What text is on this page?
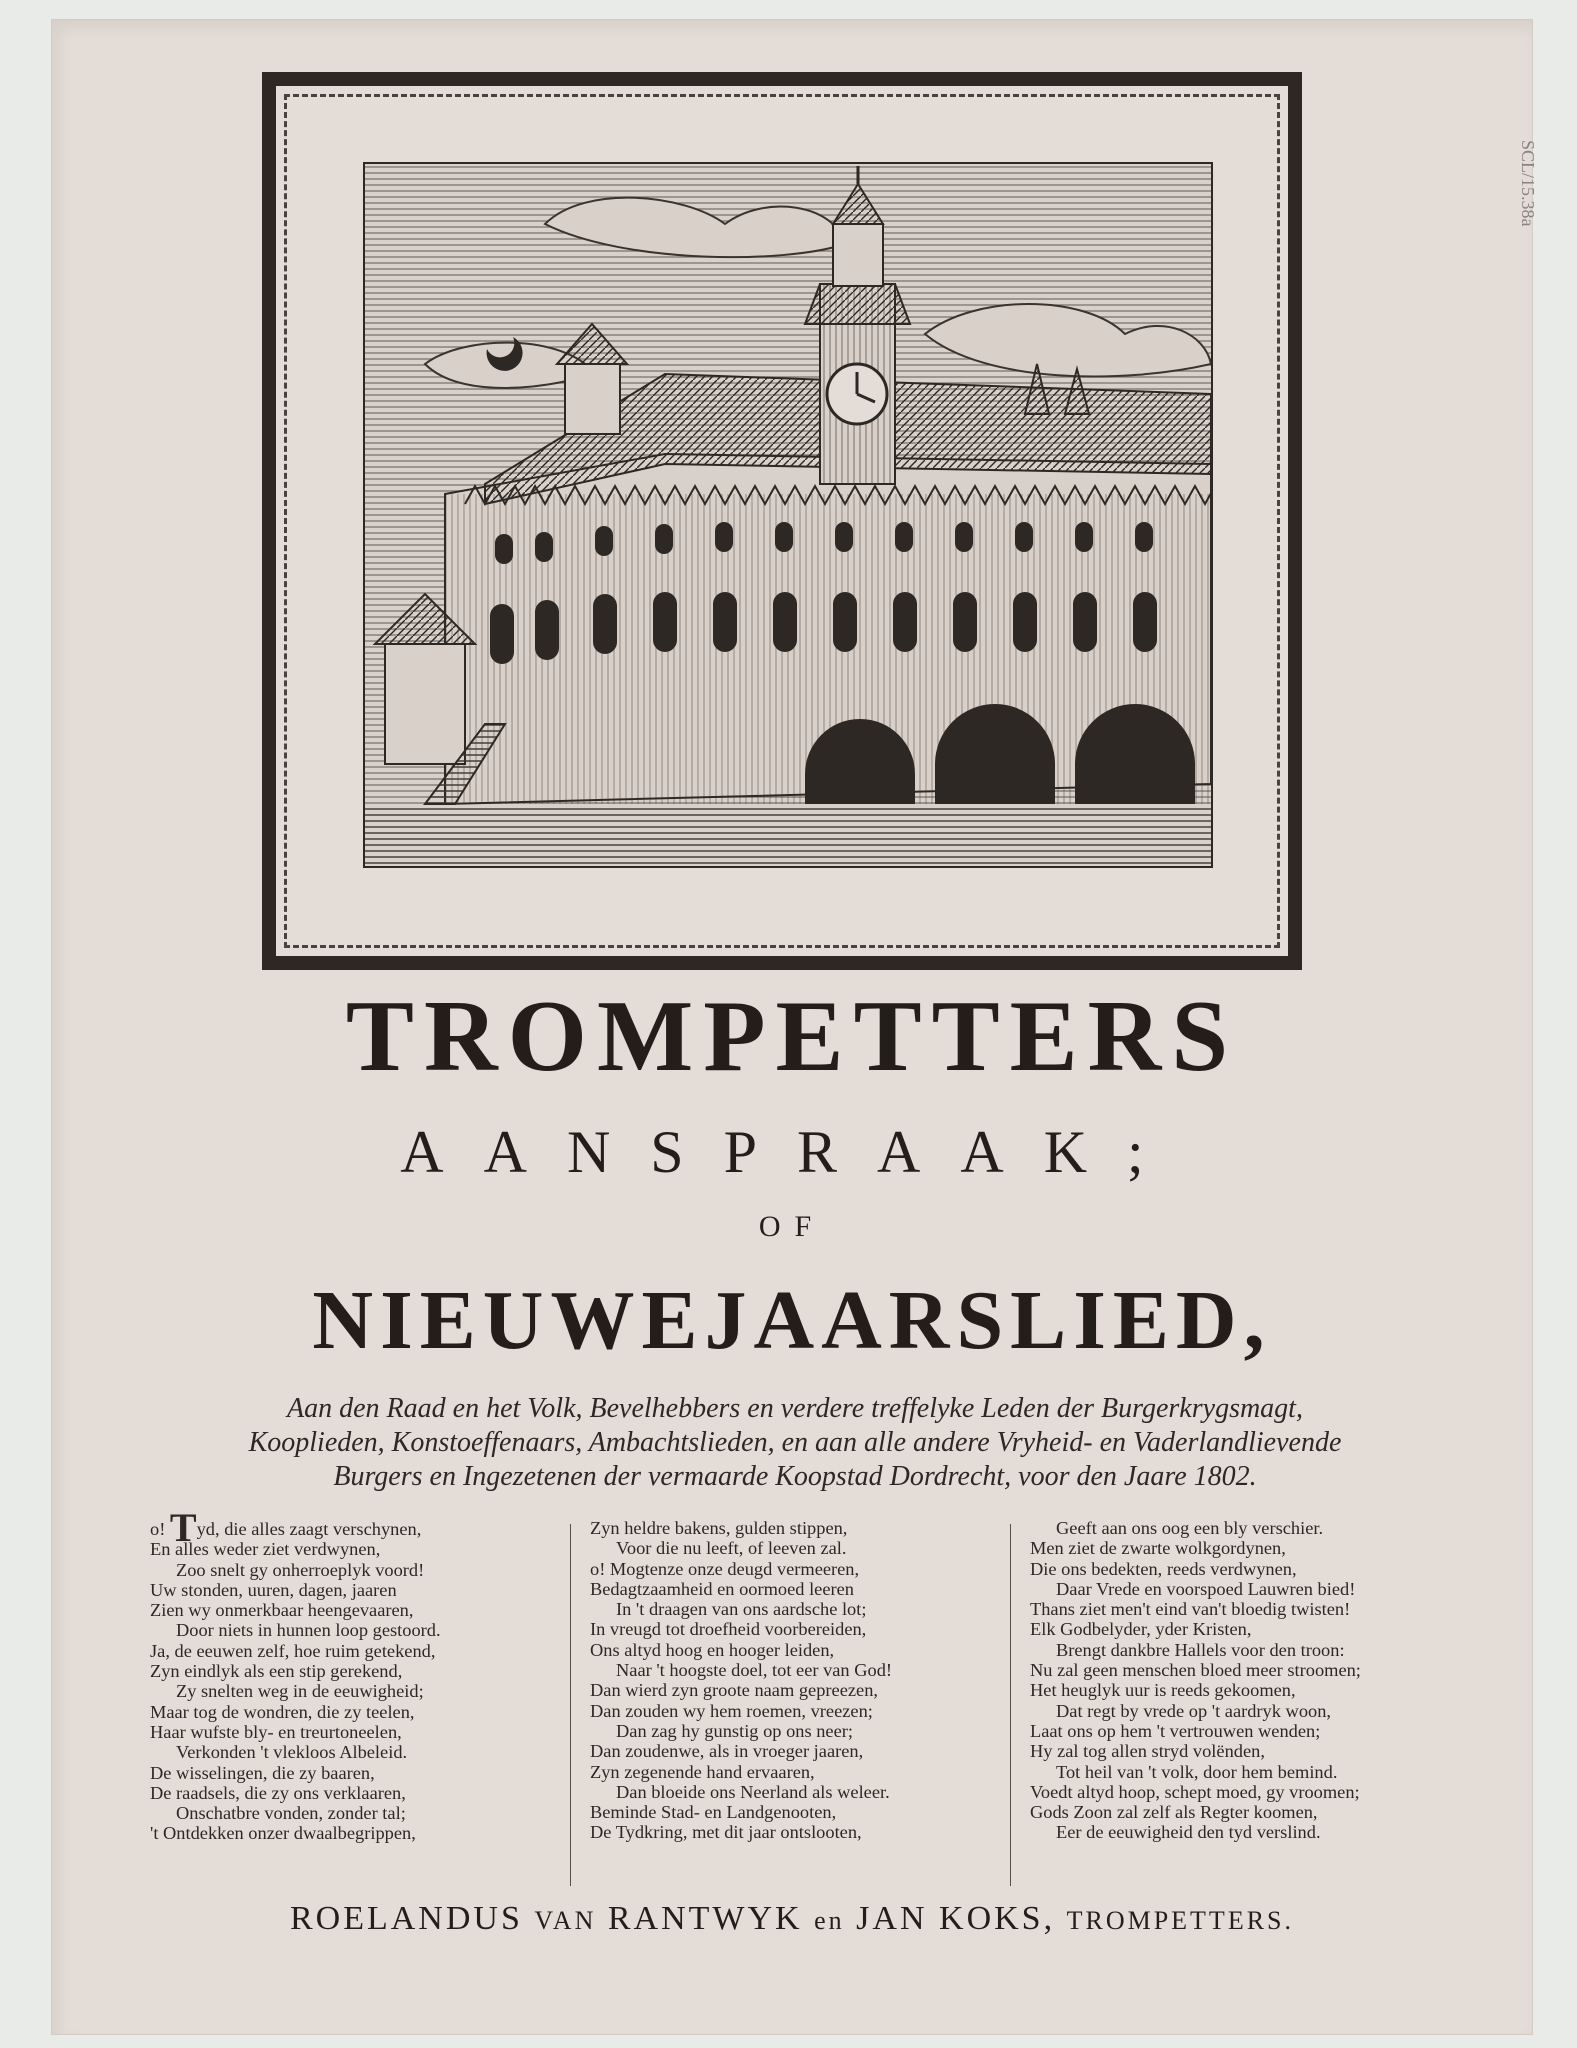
SCL/15.38a
TROMPETTERS
AANSPRAAK;
OF
NIEUWEJAARSLIED,
Aan den Raad en het Volk, Bevelhebbers en verdere treffelyke Leden der Burgerkrygsmagt,
Kooplieden, Konstoeffenaars, Ambachtslieden, en aan alle andere Vryheid- en Vaderlandlievende
Burgers en Ingezetenen der vermaarde Koopstad Dordrecht, voor den Jaare 1802.
o! Tyd, die alles zaagt verschynen,
En alles weder ziet verdwynen,
Zoo snelt gy onherroeplyk voord!
Uw stonden, uuren, dagen, jaaren
Zien wy onmerkbaar heengevaaren,
Door niets in hunnen loop gestoord.
Ja, de eeuwen zelf, hoe ruim getekend,
Zyn eindlyk als een stip gerekend,
Zy snelten weg in de eeuwigheid;
Maar tog de wondren, die zy teelen,
Haar wufste bly- en treurtoneelen,
Verkonden 't vlekloos Albeleid.
De wisselingen, die zy baaren,
De raadsels, die zy ons verklaaren,
Onschatbre vonden, zonder tal;
't Ontdekken onzer dwaalbegrippen,
Zyn heldre bakens, gulden stippen,
Voor die nu leeft, of leeven zal.
o! Mogtenze onze deugd vermeeren,
Bedagtzaamheid en oormoed leeren
In 't draagen van ons aardsche lot;
In vreugd tot droefheid voorbereiden,
Ons altyd hoog en hooger leiden,
Naar 't hoogste doel, tot eer van God!
Dan wierd zyn groote naam gepreezen,
Dan zouden wy hem roemen, vreezen;
Dan zag hy gunstig op ons neer;
Dan zoudenwe, als in vroeger jaaren,
Zyn zegenende hand ervaaren,
Dan bloeide ons Neerland als weleer.
Beminde Stad- en Landgenooten,
De Tydkring, met dit jaar ontslooten,
Geeft aan ons oog een bly verschier.
Men ziet de zwarte wolkgordynen,
Die ons bedekten, reeds verdwynen,
Daar Vrede en voorspoed Lauwren bied!
Thans ziet men't eind van't bloedig twisten!
Elk Godbelyder, yder Kristen,
Brengt dankbre Hallels voor den troon:
Nu zal geen menschen bloed meer stroomen;
Het heuglyk uur is reeds gekoomen,
Dat regt by vrede op 't aardryk woon,
Laat ons op hem 't vertrouwen wenden;
Hy zal tog allen stryd volënden,
Tot heil van 't volk, door hem bemind.
Voedt altyd hoop, schept moed, gy vroomen;
Gods Zoon zal zelf als Regter koomen,
Eer de eeuwigheid den tyd verslind.
ROELANDUS VAN RANTWYK en JAN KOKS, TROMPETTERS.
